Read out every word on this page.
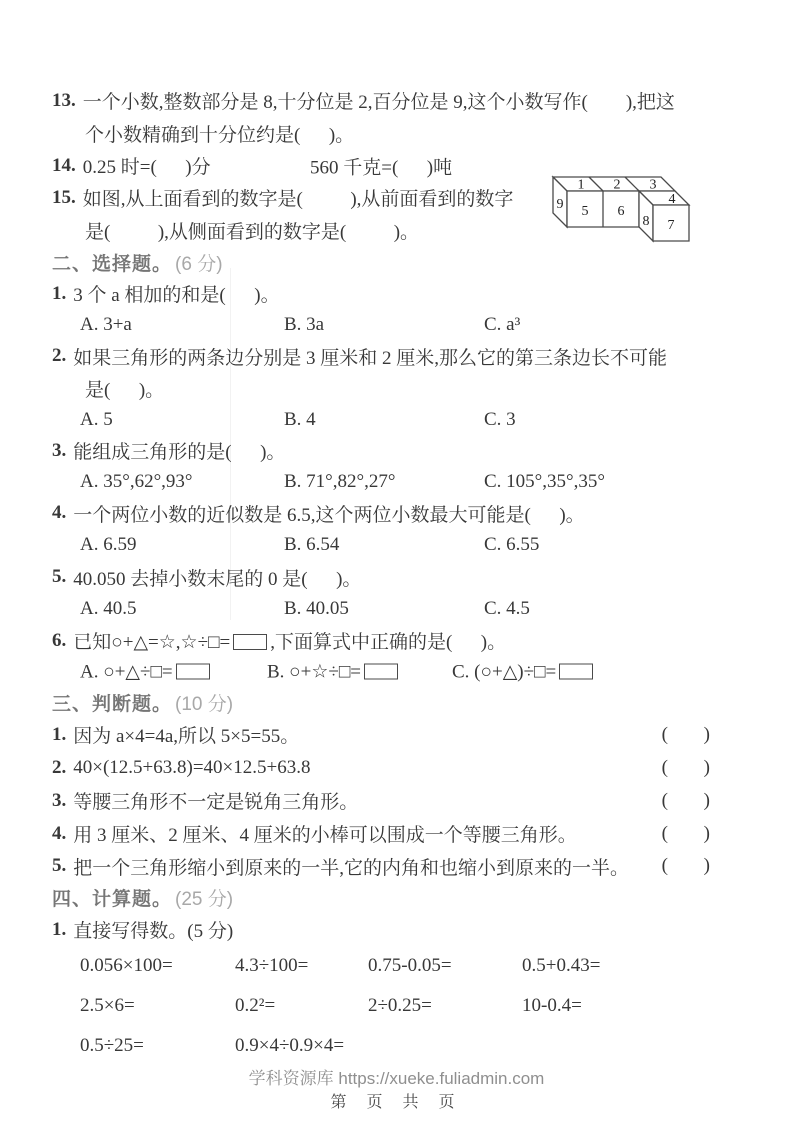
13. 一个小数,整数部分是 8,十分位是 2,百分位是 9,这个小数写作(        ),把这
个小数精确到十分位约是(      )。
14. 0.25 时=(      )分	560 千克=(      )吨
15. 如图,从上面看到的数字是(          ),从前面看到的数字
是(          ),从侧面看到的数字是(          )。
二、选择题。 (6 分)
1. 3 个 a 相加的和是(      )。
A. 3+a	B. 3a	C. a³
2. 如果三角形的两条边分别是 3 厘米和 2 厘米,那么它的第三条边长不可能
是(      )。
A. 5	B. 4	C. 3
3. 能组成三角形的是(      )。
A. 35°,62°,93°	B. 71°,82°,27°	C. 105°,35°,35°
4. 一个两位小数的近似数是 6.5,这个两位小数最大可能是(      )。
A. 6.59	B. 6.54	C. 6.55
5. 40.050 去掉小数末尾的 0 是(      )。
A. 40.5	B. 40.05	C. 4.5
6. 已知○+△=☆,☆÷□= ,下面算式中正确的是(      )。
A. ○+△÷□=	B. ○+☆÷□=	C. (○+△)÷□=
三、判断题。 (10 分)
1. 因为 a×4=4a,所以 5×5=55。	(     )
2. 40×(12.5+63.8)=40×12.5+63.8	(     )
3. 等腰三角形不一定是锐角三角形。	(     )
4. 用 3 厘米、2 厘米、4 厘米的小棒可以围成一个等腰三角形。	(     )
5. 把一个三角形缩小到原来的一半,它的内角和也缩小到原来的一半。 (     )
四、计算题。 (25 分)
1. 直接写得数。(5 分)
0.056×100=	4.3÷100=	0.75-0.05=	0.5+0.43=
2.5×6=	0.2²=	2÷0.25=	10-0.4=
0.5÷25=	0.9×4÷0.9×4=
1 2 3
9 5 6
4
8 7
学科资源库 https://xueke.fuliadmin.com
第 页 共 页
